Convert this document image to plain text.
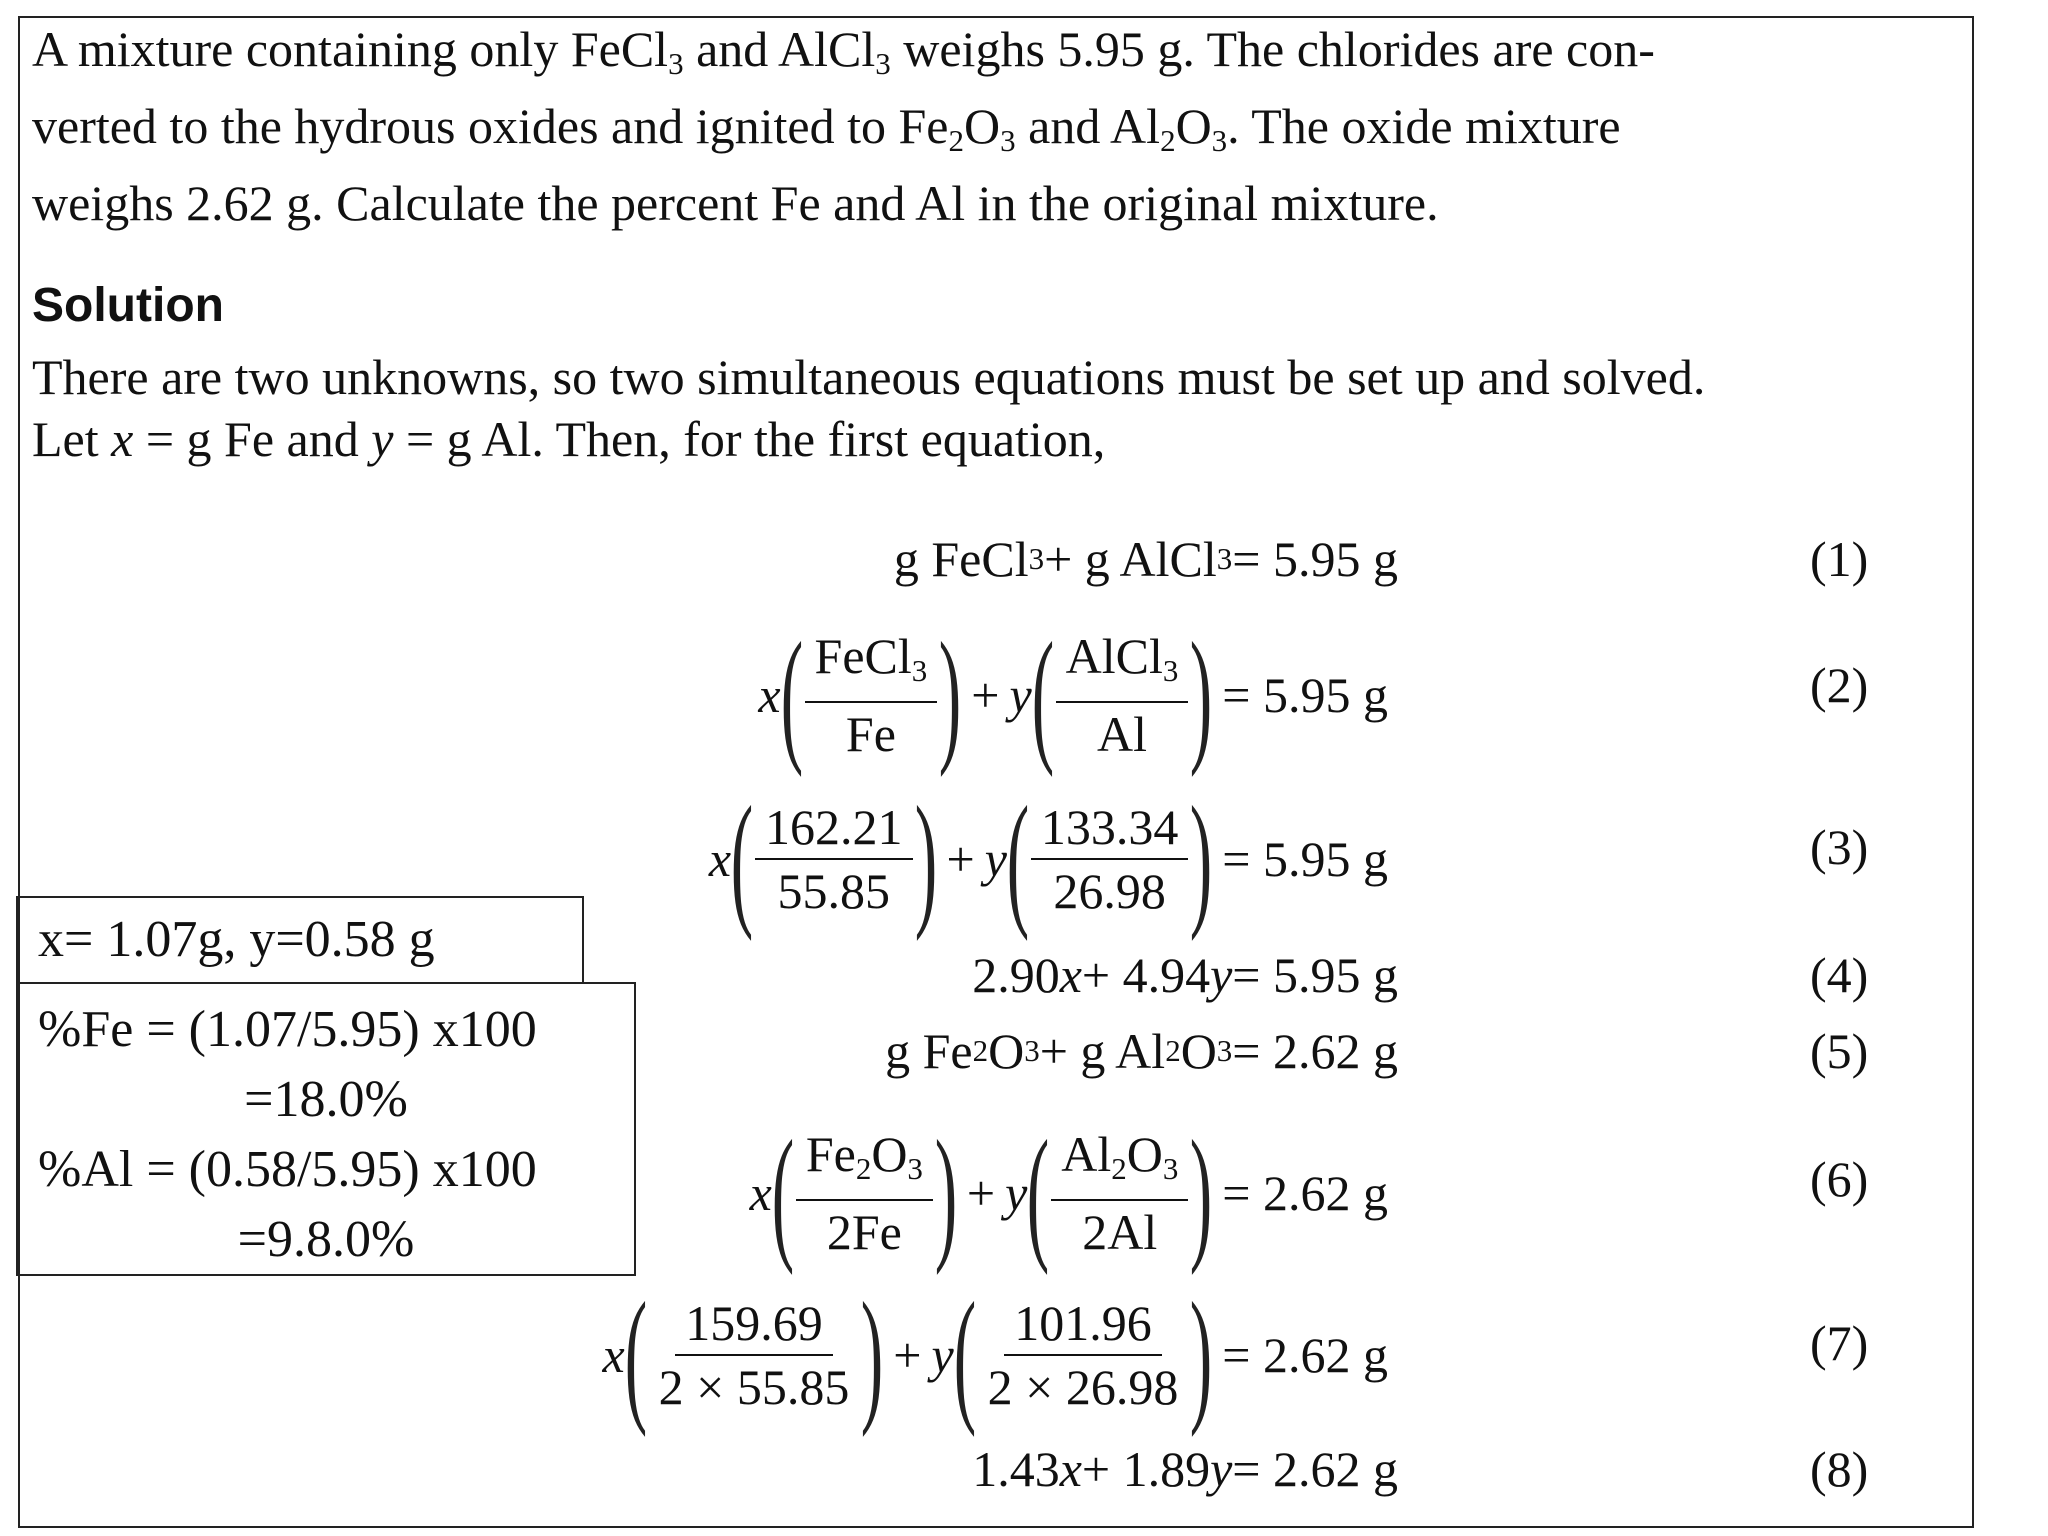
A mixture containing only FeCl$_3$ and AlCl$_3$ weighs 5.95 g. The chlorides are con-
verted to the hydrous oxides and ignited to $Fe_2O_3$ and $Al_2O_3$. The oxide mixture
weighs 2.62 g. Calculate the percent Fe and Al in the original mixture.
Solution
There are two unknowns, so two simultaneous equations must be set up and solved.
Let x = g Fe and y = g Al. Then, for the first equation,
g FeCl 3 + g AlCl 3 = 5.95 g	(1)
x ( $\frac{FeCl_3}{Fe}$ ) + y ( $\frac{AlCl_3}{Al}$ ) = 5.95 g	(2)
x ( $\frac{162.21}{55.85}$ ) + y ( $\frac{133.34}{26.98}$ ) = 5.95 g	(3)
2.90 x + 4.94 y = 5.95 g	(4)
g Fe 2 O 3 + g Al 2 O 3 = 2.62 g	(5)
x ( $\frac{Fe_2O_3}{2Fe}$ ) + y ( $\frac{Al_2O_3}{2Al}$ ) = 2.62 g	(6)
x ( $\frac{159.69}{2 \times 55.85}$ ) + y ( $\frac{101.96}{2 \times 26.98}$ ) = 2.62 g	(7)
1.43 x + 1.89 y = 2.62 g	(8)
x= 1.07g, y=0.58 g
%Fe = (1.07/5.95) x100
=18.0%
%Al = (0.58/5.95) x100
=9.8.0%
